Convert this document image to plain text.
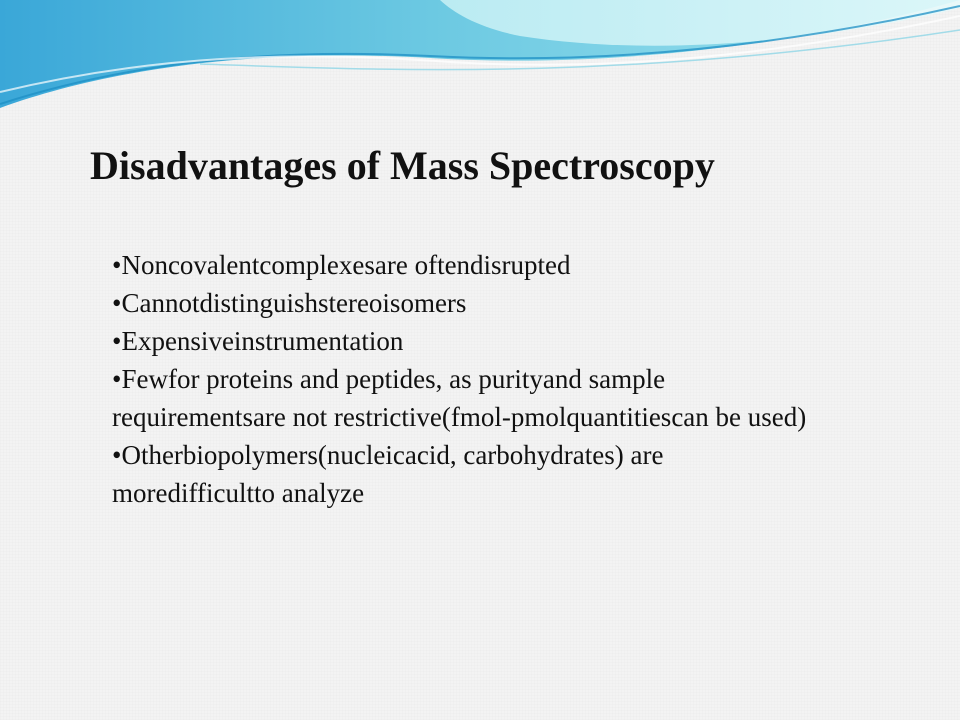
Disadvantages of Mass Spectroscopy

•Noncovalentcomplexesare oftendisrupted

•Cannotdistinguishstereoisomers

•Expensiveinstrumentation

•Fewfor proteins and peptides, as purityand sample requirementsare not restrictive(fmol-pmolquantitiescan be used)

•Otherbiopolymers(nucleicacid, carbohydrates) are moredifficultto analyze
